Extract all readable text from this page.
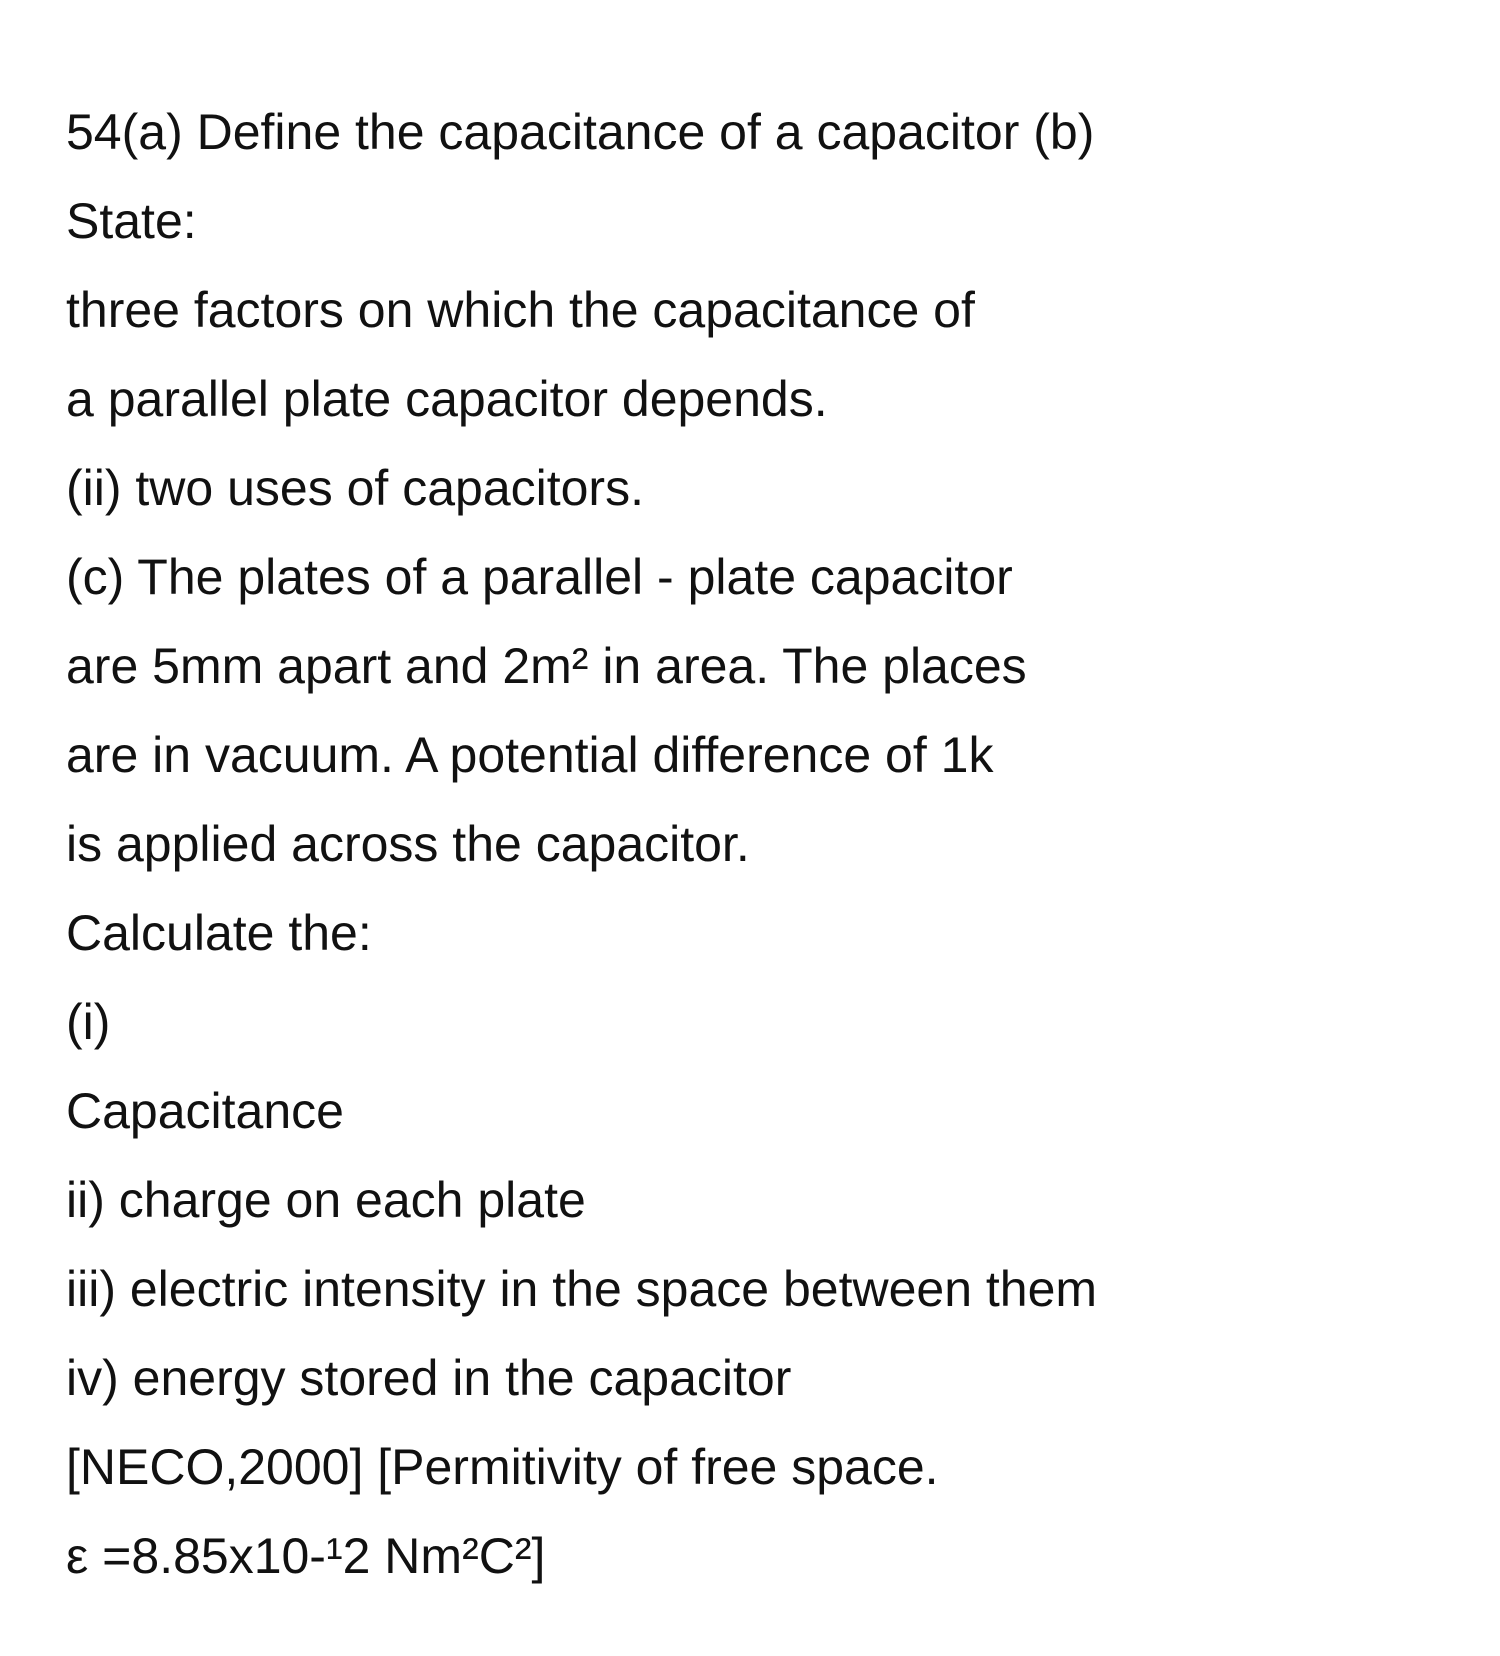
54(a) Define the capacitance of a capacitor (b)
State:
three factors on which the capacitance of
a parallel plate capacitor depends.
(ii) two uses of capacitors.
(c) The plates of a parallel - plate capacitor
are 5mm apart and 2m² in area. The places
are in vacuum. A potential difference of 1k
is applied across the capacitor.
Calculate the:
(i)
Capacitance
ii) charge on each plate
iii) electric intensity in the space between them
iv) energy stored in the capacitor
[NECO,2000] [Permitivity of free space.
ε =8.85x10-¹2 Nm²C²]
